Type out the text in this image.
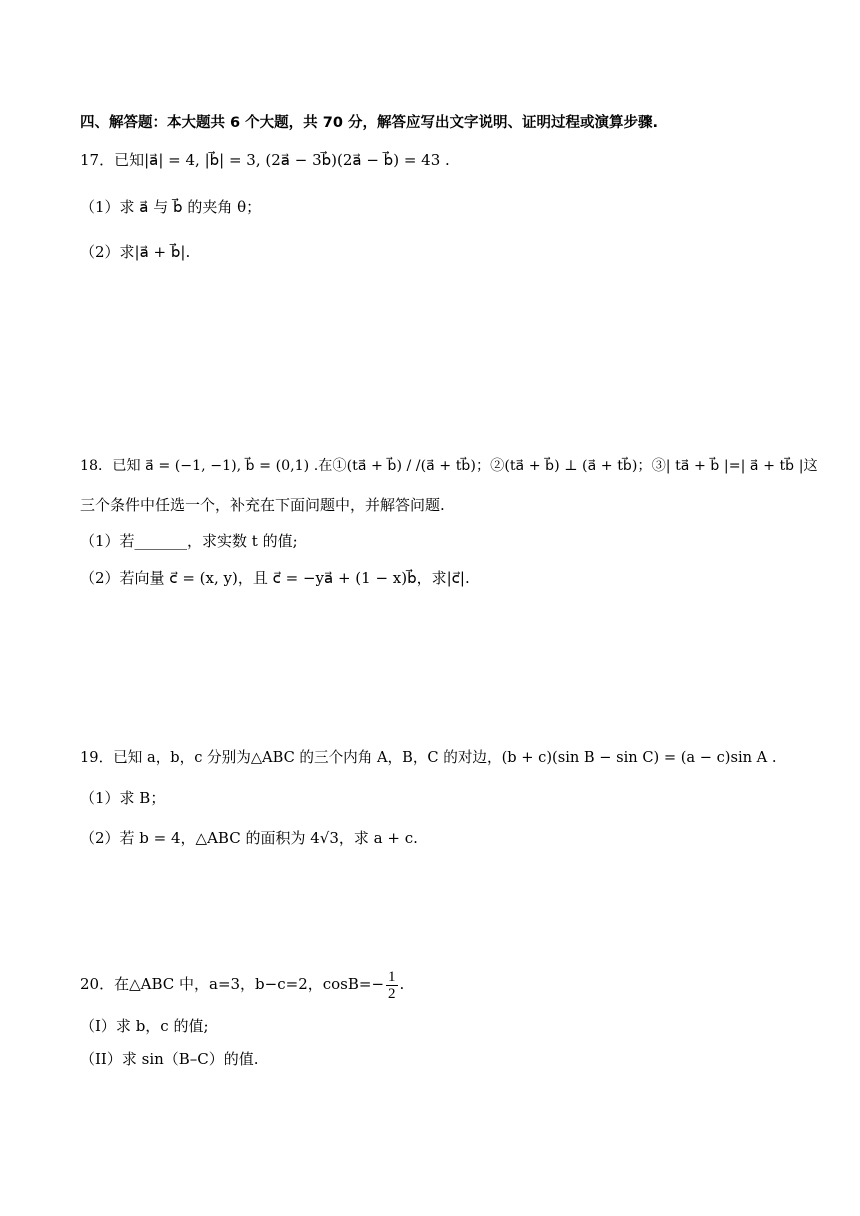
四、解答题：本大题共 6 个大题，共 70 分，解答应写出文字说明、证明过程或演算步骤.
17．已知|a⃗| = 4, |b⃗| = 3, (2a⃗ − 3b⃗)(2a⃗ − b⃗) = 43 .
（1）求 a⃗ 与 b⃗ 的夹角 θ；
（2）求|a⃗ + b⃗|.
18．已知 a⃗ = (−1, −1), b⃗ = (0,1) .在①(ta⃗ + b⃗) / /(a⃗ + tb⃗)；②(ta⃗ + b⃗) ⊥ (a⃗ + tb⃗)；③| ta⃗ + b⃗ |=| a⃗ + tb⃗ |这
三个条件中任选一个，补充在下面问题中，并解答问题.
（1）若_______，求实数 t 的值;
（2）若向量 c⃗ = (x, y)，且 c⃗ = −ya⃗ + (1 − x)b⃗，求|c⃗|.
19．已知 a，b，c 分别为△ABC 的三个内角 A，B，C 的对边，(b + c)(sin B − sin C) = (a − c)sin A .
（1）求 B；
（2）若 b = 4，△ABC 的面积为 4√3，求 a + c.
20．在△ABC 中，a=3，b−c=2，$\cos B=- \frac{1}{2}$ .
（I）求 b，c 的值;
（II）求 sin（B–C）的值.
